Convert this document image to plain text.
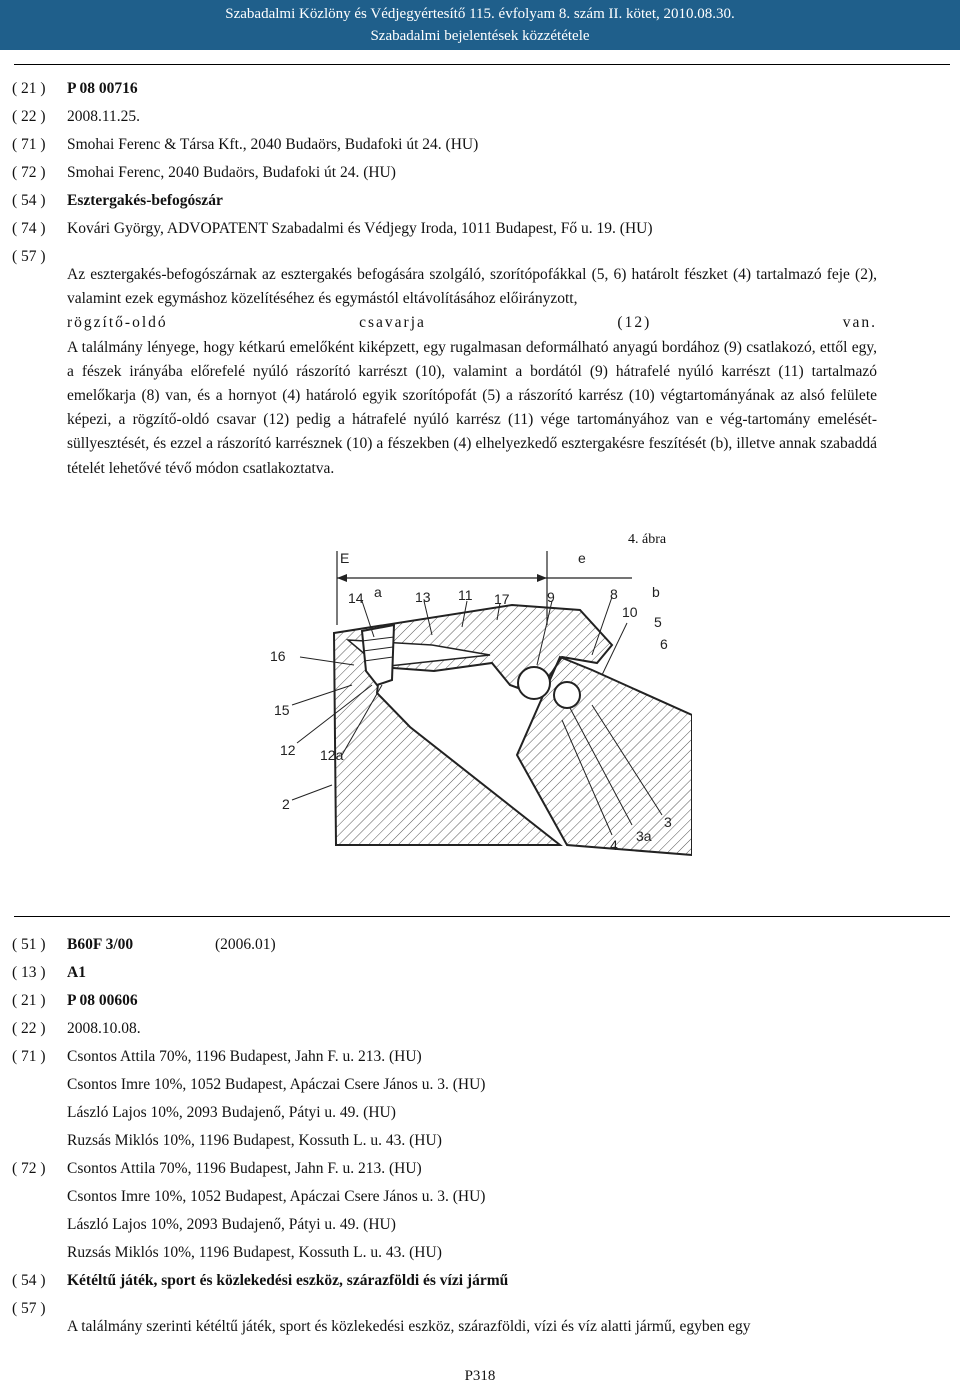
Szabadalmi Közlöny és Védjegyértesítő 115. évfolyam 8. szám II. kötet, 2010.08.30.
Szabadalmi bejelentések közzététele
( 21 )	P 08 00716
( 22 )	2008.11.25.
( 71 )	Smohai Ferenc & Társa Kft., 2040 Budaörs, Budafoki út 24. (HU)
( 72 )	Smohai Ferenc, 2040 Budaörs, Budafoki út 24. (HU)
( 54 )	Esztergakés-befogószár
( 74 )	Kovári György, ADVOPATENT Szabadalmi és Védjegy Iroda, 1011 Budapest, Fő u. 19. (HU)
( 57 )
Az esztergakés-befogószárnak az esztergakés befogására szolgáló, szorítópofákkal (5, 6) határolt fészket (4) tartalmazó feje (2), valamint ezek egymáshoz közelítéséhez és egymástól eltávolításához előirányzott,
rögzítő-oldó csavarja (12) van.
A találmány lényege, hogy kétkarú emelőként kiképzett, egy rugalmasan deformálható anyagú bordához (9) csatlakozó, ettől egy, a fészek irányába előrefelé nyúló rászorító karrészt (10), valamint a bordától (9) hátrafelé nyúló karrészt (11) tartalmazó emelőkarja (8) van, és a hornyot (4) határoló egyik szorítópofát (5) a rászorító karrész (10) végtartományának az alsó felülete képezi, a rögzítő-oldó csavar (12) pedig a hátrafelé nyúló karrész (11) vége tartományához van e vég-tartomány emelését-süllyesztését, és ezzel a rászorító karrésznek (10) a fészekben (4) elhelyezkedő esztergakésre feszítését (b), illetve annak szabaddá tételét lehetővé tévő módon csatlakoztatva.
4. ábra
E	e
14 a 13 11 17	9	8 b
10
5
6
16
15
12 12a
2
4
3a
3
( 51 )	B60F 3/00	(2006.01)
( 13 )	A1
( 21 )	P 08 00606
( 22 )	2008.10.08.
( 71 )	Csontos Attila 70%, 1196 Budapest, Jahn F. u. 213. (HU)
Csontos Imre 10%, 1052 Budapest, Apáczai Csere János u. 3. (HU)
László Lajos 10%, 2093 Budajenő, Pátyi u. 49. (HU)
Ruzsás Miklós 10%, 1196 Budapest, Kossuth L. u. 43. (HU)
( 72 )	Csontos Attila 70%, 1196 Budapest, Jahn F. u. 213. (HU)
Csontos Imre 10%, 1052 Budapest, Apáczai Csere János u. 3. (HU)
László Lajos 10%, 2093 Budajenő, Pátyi u. 49. (HU)
Ruzsás Miklós 10%, 1196 Budapest, Kossuth L. u. 43. (HU)
( 54 )	Kétéltű játék, sport és közlekedési eszköz, szárazföldi és vízi jármű
( 57 )
A találmány szerinti kétéltű játék, sport és közlekedési eszköz, szárazföldi, vízi és víz alatti jármű, egyben egy
P318
